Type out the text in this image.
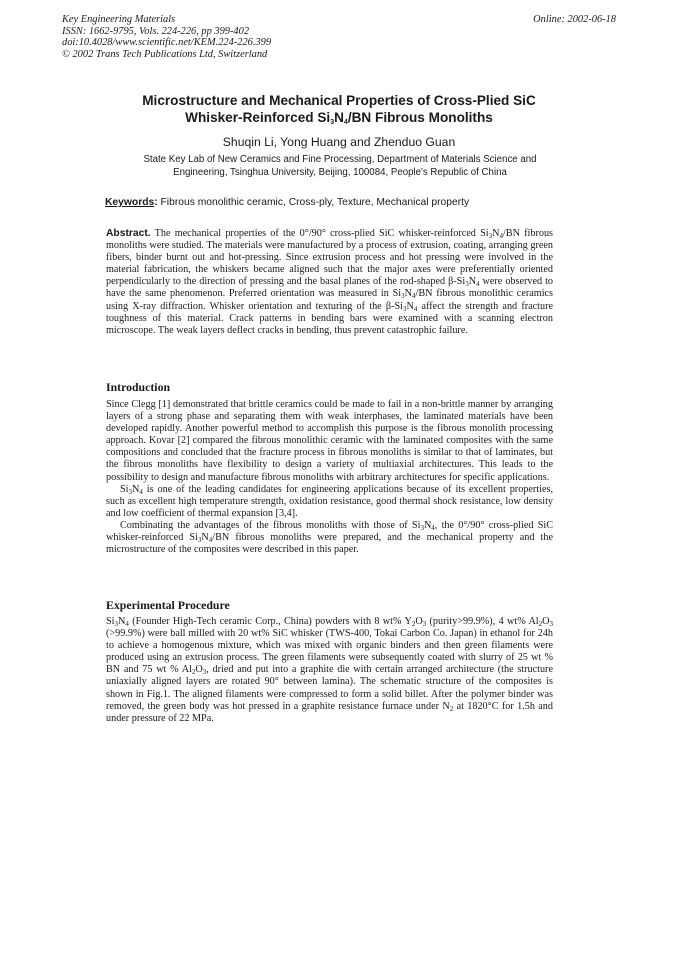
Key Engineering Materials
ISSN: 1662-9795, Vols. 224-226, pp 399-402
doi:10.4028/www.scientific.net/KEM.224-226.399
© 2002 Trans Tech Publications Ltd, Switzerland
Online: 2002-06-18
Microstructure and Mechanical Properties of Cross-Plied SiC
Whisker-Reinforced $Si_3N_4/BN$ Fibrous Monoliths
Shuqin Li, Yong Huang and Zhenduo Guan
State Key Lab of New Ceramics and Fine Processing, Department of Materials Science and
Engineering, Tsinghua University, Beijing, 100084, People's Republic of China
Keywords: Fibrous monolithic ceramic, Cross-ply, Texture, Mechanical property

Abstract. The mechanical properties of the 0°/90° cross-plied SiC whisker-reinforced $Si_3N_4/BN$ fibrous monoliths were studied. The materials were manufactured by a process of extrusion, coating, arranging green fibers, binder burnt out and hot-pressing. Since extrusion process and hot pressing were involved in the material fabrication, the whiskers became aligned such that the major axes were preferentially oriented perpendicularly to the direction of pressing and the basal planes of the rod-shaped $\beta-Si_3N_4$ were observed to have the same phenomenon. Preferred orientation was measured in $Si_3N_4/BN$ fibrous monolithic ceramics using X-ray diffraction. Whisker orientation and texturing of the $\beta-Si_3N_4$ affect the strength and fracture toughness of this material. Crack patterns in bending bars were examined with a scanning electron microscope. The weak layers deflect cracks in bending, thus prevent catastrophic failure.

Introduction

Since Clegg [1] demonstrated that brittle ceramics could be made to fail in a non-brittle manner by arranging layers of a strong phase and separating them with weak interphases, the laminated materials have been developed rapidly. Another powerful method to accomplish this purpose is the fibrous monolith processing approach. Kovar [2] compared the fibrous monolithic ceramic with the laminated composites with the same compositions and concluded that the fracture process in fibrous monoliths is similar to that of laminates, but the fibrous monoliths have flexibility to design a variety of multiaxial architectures. This leads to the possibility to design and manufacture fibrous monoliths with arbitrary architectures for specific applications.

$Si_3N_4$ is one of the leading candidates for engineering applications because of its excellent properties, such as excellent high temperature strength, oxidation resistance, good thermal shock resistance, low density and low coefficient of thermal expansion [3,4].

Combinating the advantages of the fibrous monoliths with those of $Si_3N_4$, the 0°/90° cross-plied SiC whisker-reinforced $Si_3N_4/BN$ fibrous monoliths were prepared, and the mechanical property and the microstructure of the composites were described in this paper.

Experimental Procedure

$Si_3N_4$ (Founder High-Tech ceramic Corp., China) powders with 8 wt% $Y_2O_3$ (purity>99.9%), 4 wt% $Al_2O_3$ (>99.9%) were ball milled with 20 wt% SiC whisker (TWS-400, Tokai Carbon Co. Japan) in ethanol for 24h to achieve a homogenous mixture, which was mixed with organic binders and then green filaments were produced using an extrusion process. The green filaments were subsequently coated with slurry of 25 wt % BN and 75 wt % $Al_2O_3$, dried and put into a graphite die with certain arranged architecture (the structure uniaxially aligned layers are rotated 90° between lamina). The schematic structure of the composites is shown in Fig.1. The aligned filaments were compressed to form a solid billet. After the polymer binder was removed, the green body was hot pressed in a graphite resistance furnace under $N_2$ at 1820°C for 1.5h and under pressure of 22 MPa.
